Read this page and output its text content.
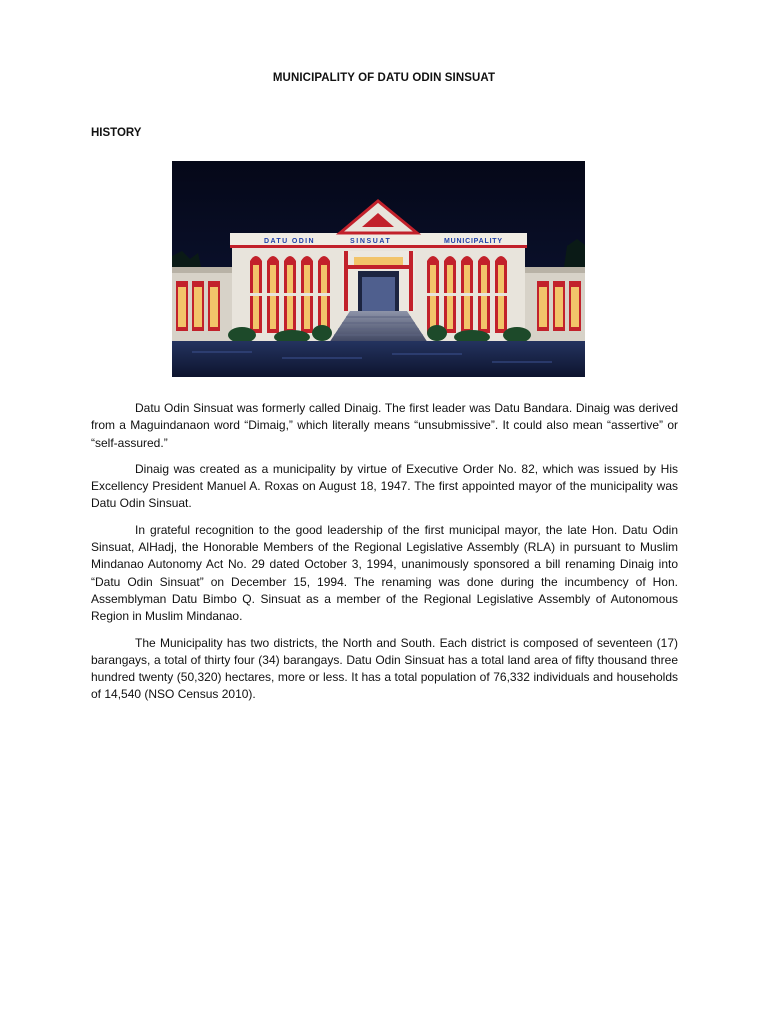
MUNICIPALITY OF DATU ODIN SINSUAT
HISTORY
DATU ODIN	SINSUAT	MUNICIPALITY

Datu Odin Sinsuat was formerly called Dinaig. The first leader was Datu Bandara. Dinaig was derived from a Maguindanaon word “Dimaig,” which literally means “unsubmissive”. It could also mean “assertive” or “self-assured.”

Dinaig was created as a municipality by virtue of Executive Order No. 82, which was issued by His Excellency President Manuel A. Roxas on August 18, 1947. The first appointed mayor of the municipality was Datu Odin Sinsuat.

In grateful recognition to the good leadership of the first municipal mayor, the late Hon. Datu Odin Sinsuat, AlHadj, the Honorable Members of the Regional Legislative Assembly (RLA) in pursuant to Muslim Mindanao Autonomy Act No. 29 dated October 3, 1994, unanimously sponsored a bill renaming Dinaig into “Datu Odin Sinsuat” on December 15, 1994. The renaming was done during the incumbency of Hon. Assemblyman Datu Bimbo Q. Sinsuat as a member of the Regional Legislative Assembly of Autonomous Region in Muslim Mindanao.

The Municipality has two districts, the North and South. Each district is composed of seventeen (17) barangays, a total of thirty four (34) barangays. Datu Odin Sinsuat has a total land area of fifty thousand three hundred twenty (50,320) hectares, more or less. It has a total population of 76,332 individuals and households of 14,540 (NSO Census 2010).
